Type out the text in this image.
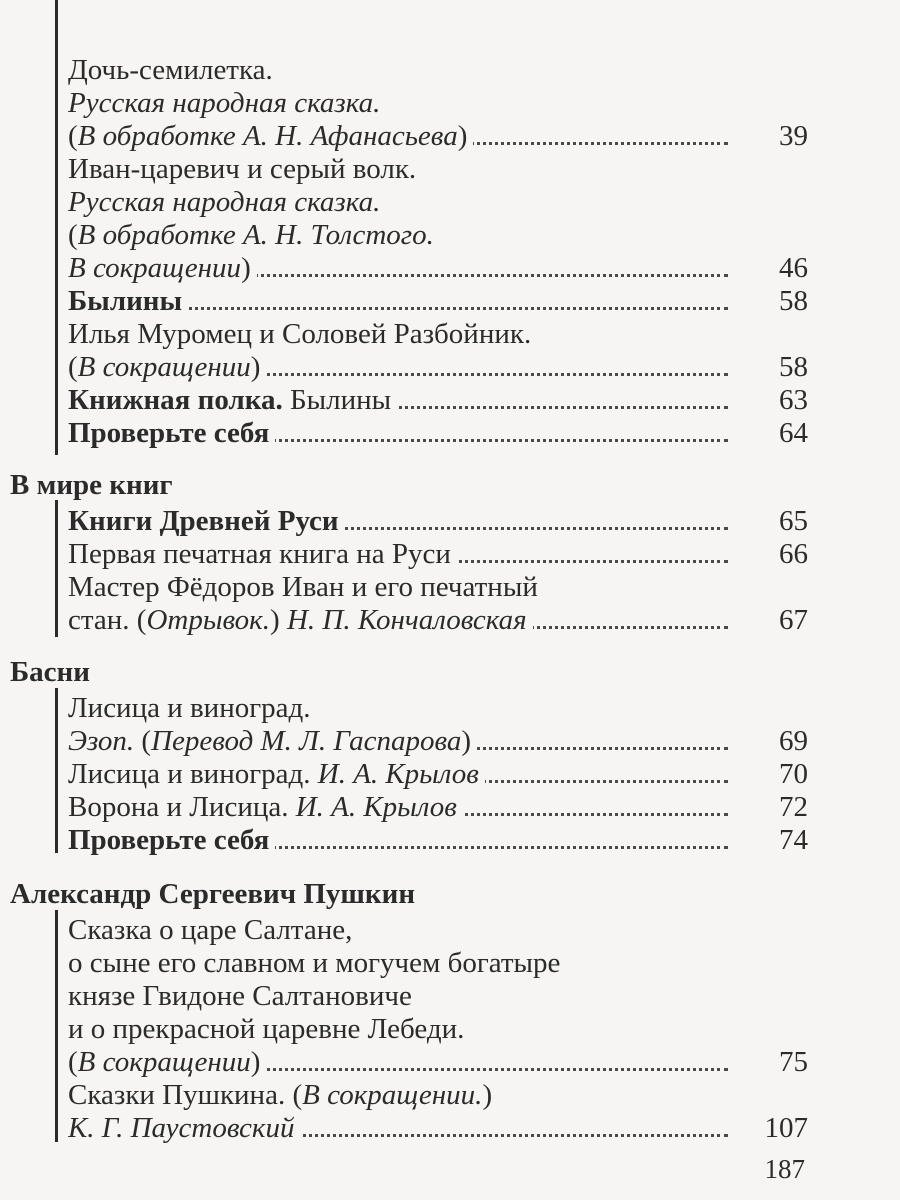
Дочь-семилетка.
Русская народная сказка.
(В обработке А. Н. Афанасьева)	39
Иван-царевич и серый волк.
Русская народная сказка.
(В обработке А. Н. Толстого.
В сокращении)	46
Былины	58
Илья Муромец и Соловей Разбойник.
(В сокращении)	58
Книжная полка. Былины	63
Проверьте себя	64
В мире книг
Книги Древней Руси	65
Первая печатная книга на Руси	66
Мастер Фёдоров Иван и его печатный
стан. (Отрывок.) Н. П. Кончаловская	67
Басни
Лисица и виноград.
Эзоп. (Перевод М. Л. Гаспарова)	69
Лисица и виноград. И. А. Крылов	70
Ворона и Лисица. И. А. Крылов	72
Проверьте себя	74
Александр Сергеевич Пушкин
Сказка о царе Салтане,
о сыне его славном и могучем богатыре
князе Гвидоне Салтановиче
и о прекрасной царевне Лебеди.
(В сокращении)	75
Сказки Пушкина. (В сокращении.)
К. Г. Паустовский	107
187
